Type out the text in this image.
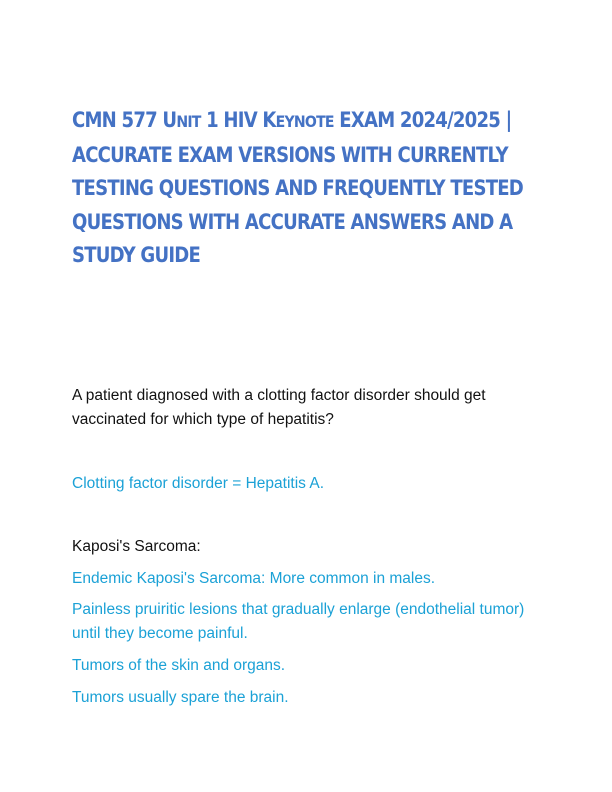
CMN 577 UNIT 1 HIV KEYNOTE EXAM 2024/2025 | ACCURATE EXAM VERSIONS WITH CURRENTLY TESTING QUESTIONS AND FREQUENTLY TESTED QUESTIONS WITH ACCURATE ANSWERS AND A STUDY GUIDE

A patient diagnosed with a clotting factor disorder should get vaccinated for which type of hepatitis?

Clotting factor disorder = Hepatitis A.

Kaposi's Sarcoma:

Endemic Kaposi's Sarcoma: More common in males.

Painless pruiritic lesions that gradually enlarge (endothelial tumor) until they become painful.

Tumors of the skin and organs.

Tumors usually spare the brain.
